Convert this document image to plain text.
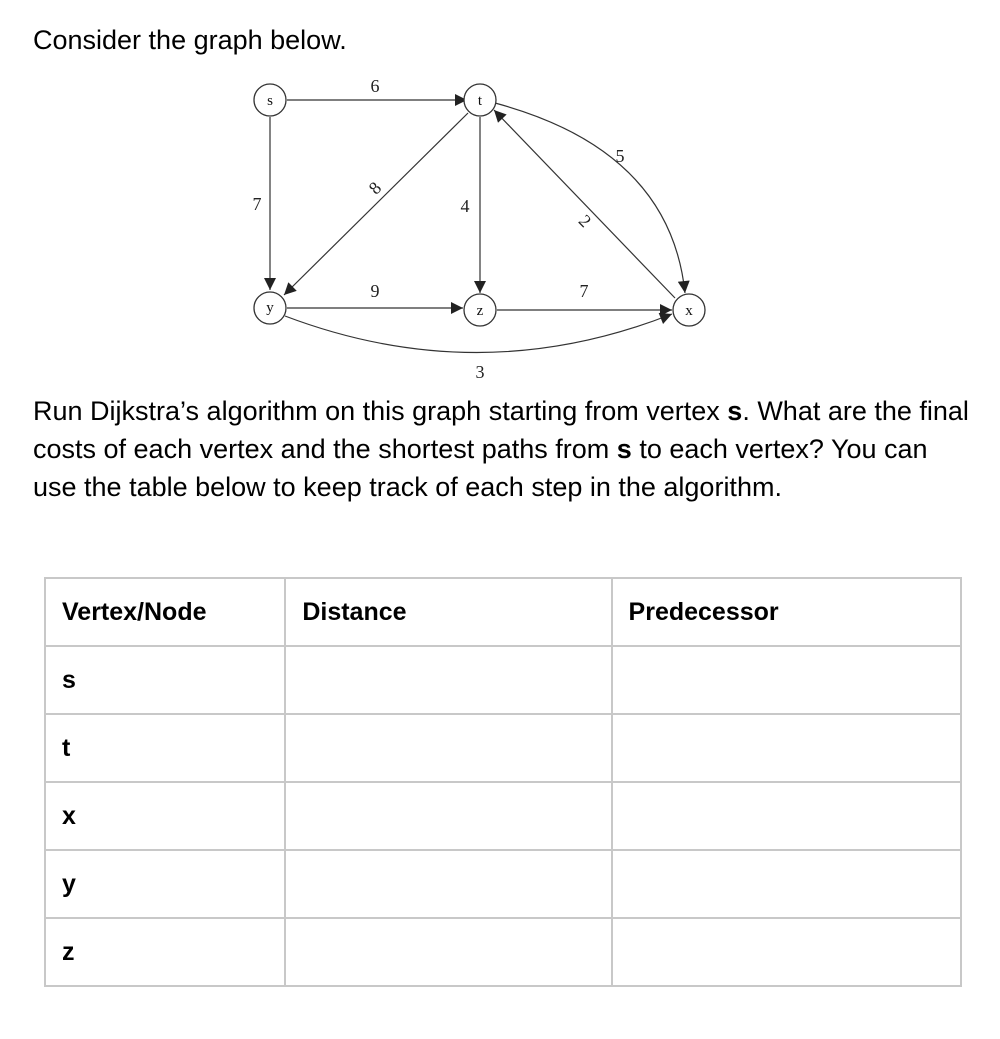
Consider the graph below.

s	t
y	z	x
6
7
8
4
2
5
9	7
3

Run Dijkstra’s algorithm on this graph starting from vertex s. What are the final costs of each vertex and the shortest paths from s to each vertex? You can use the table below to keep track of each step in the algorithm.

Vertex/Node	Distance	Predecessor
s		
t		
x		
y		
z		
